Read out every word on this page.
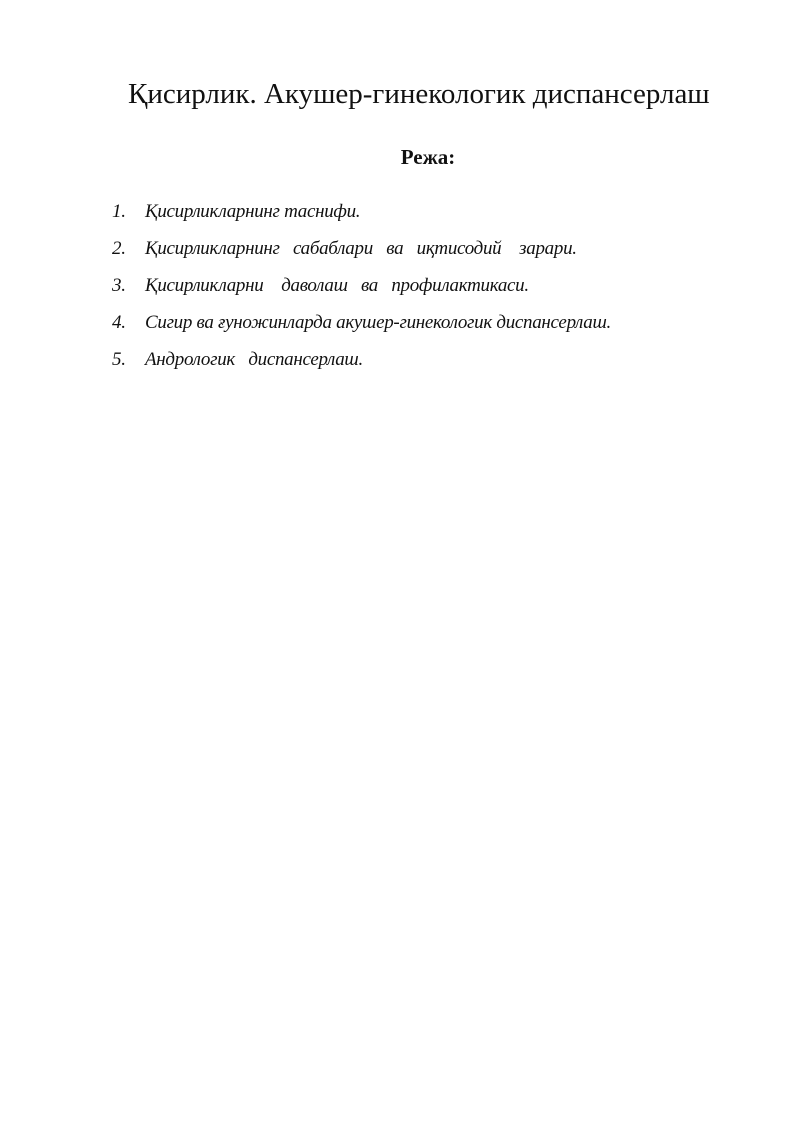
Қисирлик. Акушер-гинекологик диспансерлаш
Режа:
1. Қисирликларнинг таснифи.
2. Қисирликларнинг   сабаблари   ва   иқтисодий    зарари.
3. Қисирликларни    даволаш   ва   профилактикаси.
4. Сигир ва ғуножинларда акушер-гинекологик диспансерлаш.
5. Андрологик   диспансерлаш.
